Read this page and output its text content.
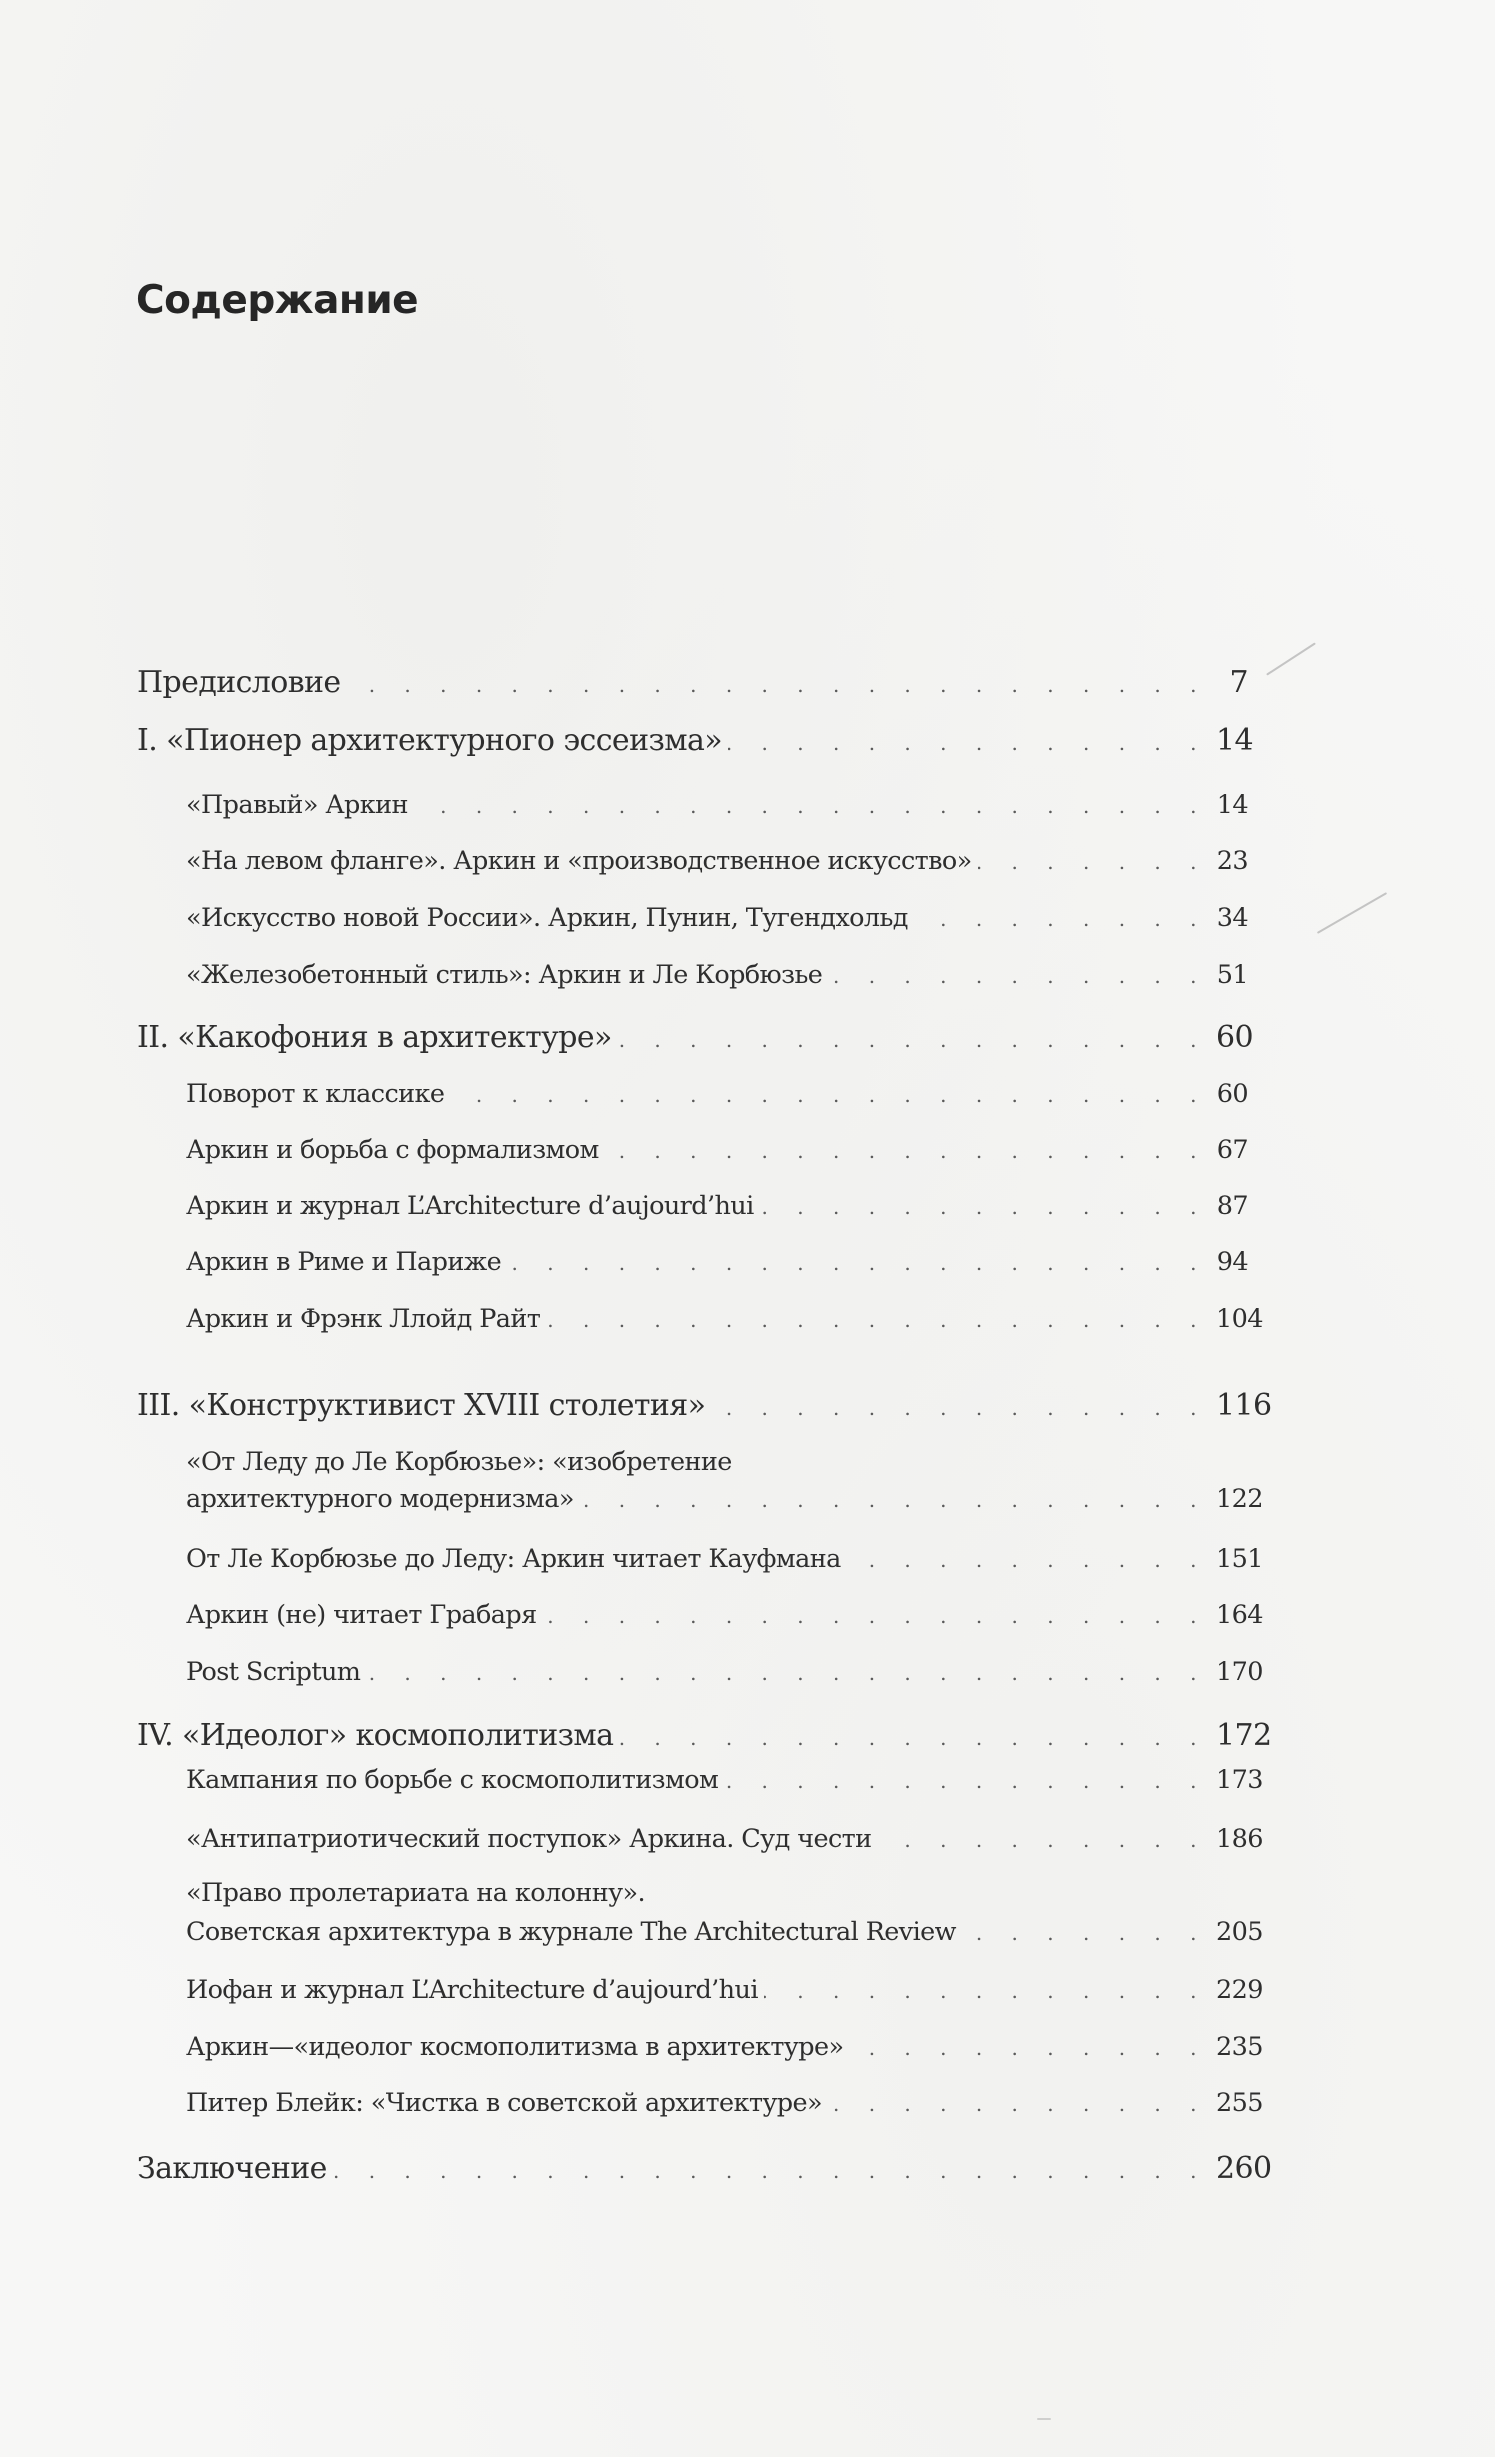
Содержание
Предисловие . . .	7
I. «Пионер архитектурного эссеизма» . . .	14
«Правый» Аркин . . .	14
«На левом фланге». Аркин и «производственное искусство» . . .	23
«Искусство новой России». Аркин, Пунин, Тугендхольд . . .	34
«Железобетонный стиль»: Аркин и Ле Корбюзье . . .	51
II. «Какофония в архитектуре» . . .	60
Поворот к классике . . .	60
Аркин и борьба с формализмом . . .	67
Аркин и журнал L’Architecture d’aujourd’hui . . .	87
Аркин в Риме и Париже . . .	94
Аркин и Фрэнк Ллойд Райт . . .	104
III. «Конструктивист XVIII столетия» . . .	116
«От Леду до Ле Корбюзье»: «изобретение
архитектурного модернизма» . . .	122
От Ле Корбюзье до Леду: Аркин читает Кауфмана . . .	151
Аркин (не) читает Грабаря . . .	164
Post Scriptum . . .	170
IV. «Идеолог» космополитизма . . .	172
Кампания по борьбе с космополитизмом . . .	173
«Антипатриотический поступок» Аркина. Суд чести . . .	186
«Право пролетариата на колонну».
Советская архитектура в журнале The Architectural Review . . .	205
Иофан и журнал L’Architecture d’aujourd’hui . . .	229
Аркин—«идеолог космополитизма в архитектуре» . . .	235
Питер Блейк: «Чистка в советской архитектуре» . . .	255
Заключение . . .	260
